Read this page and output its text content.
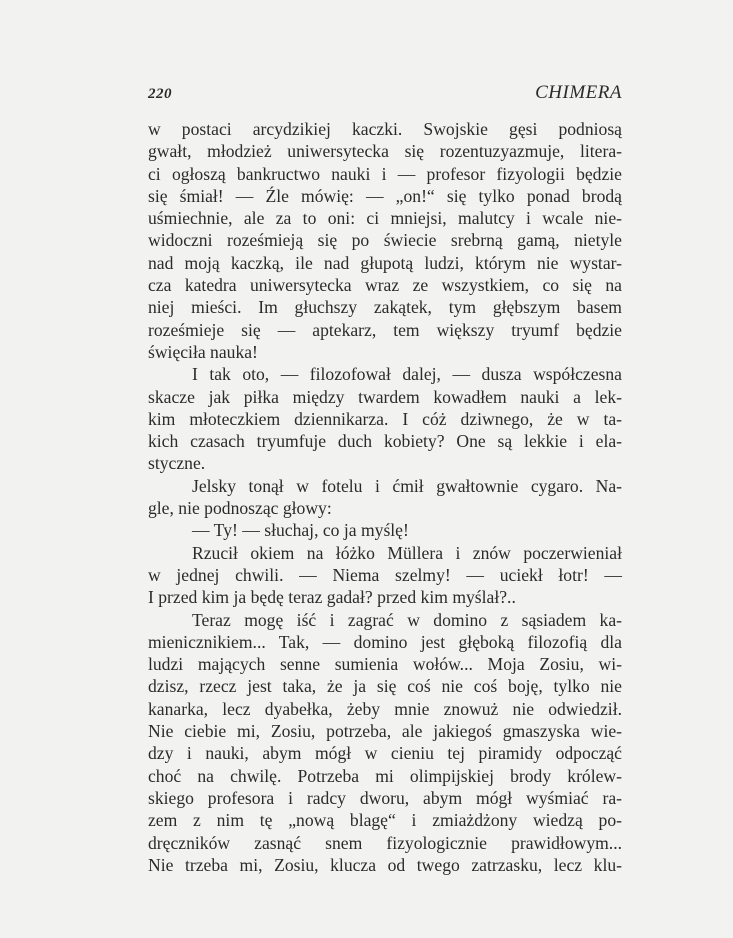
220	CHIMERA
w postaci arcydzikiej kaczki. Swojskie gęsi podniosą
gwałt, młodzież uniwersytecka się rozentuzyazmuje, litera-
ci ogłoszą bankructwo nauki i — profesor fizyologii będzie
się śmiał! — Źle mówię: — „on!“ się tylko ponad brodą
uśmiechnie, ale za to oni: ci mniejsi, malutcy i wcale nie-
widoczni roześmieją się po świecie srebrną gamą, nietyle
nad moją kaczką, ile nad głupotą ludzi, którym nie wystar-
cza katedra uniwersytecka wraz ze wszystkiem, co się na
niej mieści. Im głuchszy zakątek, tym głębszym basem
roześmieje się — aptekarz, tem większy tryumf będzie
święciła nauka!
I tak oto, — filozofował dalej, — dusza współczesna
skacze jak piłka między twardem kowadłem nauki a lek-
kim młoteczkiem dziennikarza. I cóż dziwnego, że w ta-
kich czasach tryumfuje duch kobiety? One są lekkie i ela-
styczne.
Jelsky tonął w fotelu i ćmił gwałtownie cygaro. Na-
gle, nie podnosząc głowy:
— Ty! — słuchaj, co ja myślę!
Rzucił okiem na łóżko Müllera i znów poczerwieniał
w jednej chwili. — Niema szelmy! — uciekł łotr! —
I przed kim ja będę teraz gadał? przed kim myślał?..
Teraz mogę iść i zagrać w domino z sąsiadem ka-
mienicznikiem... Tak, — domino jest głęboką filozofią dla
ludzi mających senne sumienia wołów... Moja Zosiu, wi-
dzisz, rzecz jest taka, że ja się coś nie coś boję, tylko nie
kanarka, lecz dyabełka, żeby mnie znowuż nie odwiedził.
Nie ciebie mi, Zosiu, potrzeba, ale jakiegoś gmaszyska wie-
dzy i nauki, abym mógł w cieniu tej piramidy odpocząć
choć na chwilę. Potrzeba mi olimpijskiej brody królew-
skiego profesora i radcy dworu, abym mógł wyśmiać ra-
zem z nim tę „nową blagę“ i zmiażdżony wiedzą po-
dręczników zasnąć snem fizyologicznie prawidłowym...
Nie trzeba mi, Zosiu, klucza od twego zatrzasku, lecz klu-
